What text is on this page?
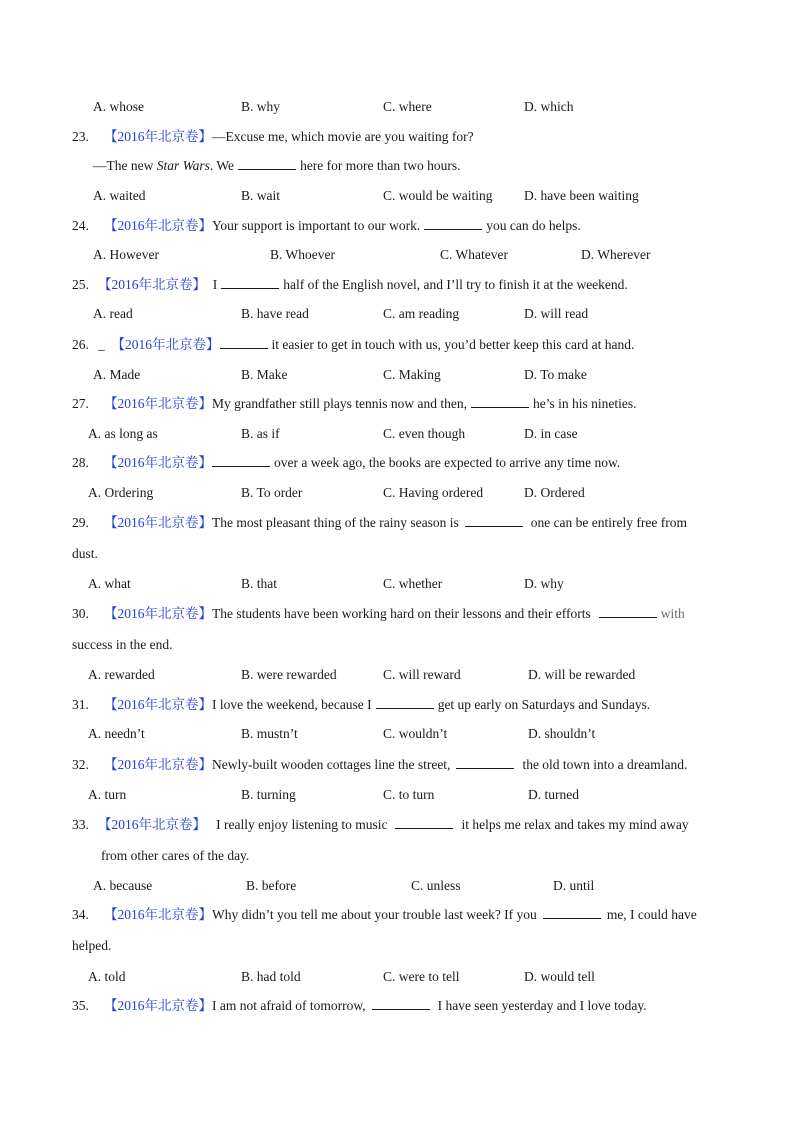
A. whose	B. why	C. where	D. which
23. 【2016年北京卷】—Excuse me, which movie are you waiting for?
—The new Star Wars. We	here for more than two hours.
A. waited	B. wait	C. would be waiting D. have been waiting
24. 【2016年北京卷】Your support is important to our work.	you can do helps.
A. However	B. Whoever	C. Whatever	D. Wherever
25. 【2016年北京卷】 I	half of the English novel, and I’ll try to finish it at the weekend.
A. read	B. have read	C. am reading	D. will read
26. _ 【2016年北京卷】	it easier to get in touch with us, you’d better keep this card at hand.
A. Made	B. Make	C. Making	D. To make
27. 【2016年北京卷】My grandfather still plays tennis now and then,	he’s in his nineties.
A. as long as	B. as if	C. even though	D. in case
28. 【2016年北京卷】	over a week ago, the books are expected to arrive any time now.
A. Ordering	B. To order	C. Having ordered	D. Ordered
29. 【2016年北京卷】The most pleasant thing of the rainy season is	one can be entirely free from
dust.
A. what	B. that	C. whether	D. why
30. 【2016年北京卷】The students have been working hard on their lessons and their efforts	with
success in the end.
A. rewarded	B. were rewarded	C. will reward	D. will be rewarded
31. 【2016年北京卷】I love the weekend, because I	get up early on Saturdays and Sundays.
A. needn’t	B. mustn’t	C. wouldn’t	D. shouldn’t
32. 【2016年北京卷】Newly-built wooden cottages line the street,	the old town into a dreamland.
A. turn	B. turning	C. to turn	D. turned
33. 【2016年北京卷】 I really enjoy listening to music	it helps me relax and takes my mind away
from other cares of the day.
A. because	B. before	C. unless	D. until
34. 【2016年北京卷】Why didn’t you tell me about your trouble last week? If you	me, I could have
helped.
A. told	B. had told	C. were to tell	D. would tell
35. 【2016年北京卷】I am not afraid of tomorrow,	I have seen yesterday and I love today.
